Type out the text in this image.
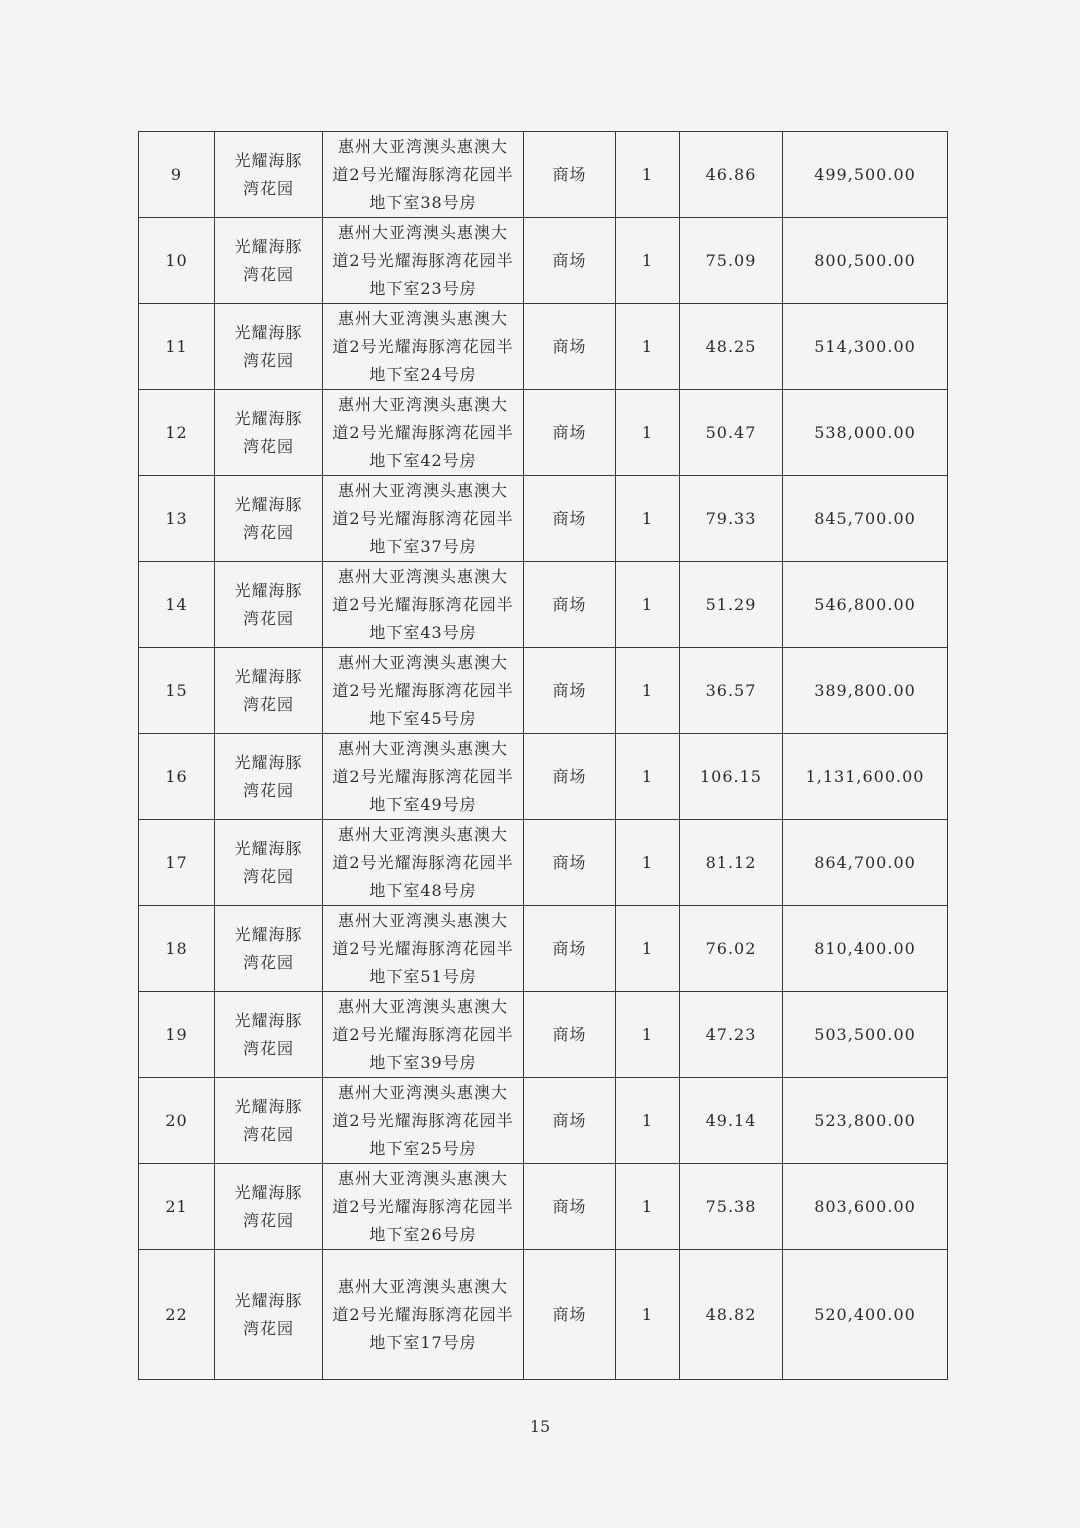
9	光耀海豚湾花园	惠州大亚湾澳头惠澳大道2号光耀海豚湾花园半地下室38号房	商场	1	46.86	499,500.00
10	光耀海豚湾花园	惠州大亚湾澳头惠澳大道2号光耀海豚湾花园半地下室23号房	商场	1	75.09	800,500.00
11	光耀海豚湾花园	惠州大亚湾澳头惠澳大道2号光耀海豚湾花园半地下室24号房	商场	1	48.25	514,300.00
12	光耀海豚湾花园	惠州大亚湾澳头惠澳大道2号光耀海豚湾花园半地下室42号房	商场	1	50.47	538,000.00
13	光耀海豚湾花园	惠州大亚湾澳头惠澳大道2号光耀海豚湾花园半地下室37号房	商场	1	79.33	845,700.00
14	光耀海豚湾花园	惠州大亚湾澳头惠澳大道2号光耀海豚湾花园半地下室43号房	商场	1	51.29	546,800.00
15	光耀海豚湾花园	惠州大亚湾澳头惠澳大道2号光耀海豚湾花园半地下室45号房	商场	1	36.57	389,800.00
16	光耀海豚湾花园	惠州大亚湾澳头惠澳大道2号光耀海豚湾花园半地下室49号房	商场	1	106.15	1,131,600.00
17	光耀海豚湾花园	惠州大亚湾澳头惠澳大道2号光耀海豚湾花园半地下室48号房	商场	1	81.12	864,700.00
18	光耀海豚湾花园	惠州大亚湾澳头惠澳大道2号光耀海豚湾花园半地下室51号房	商场	1	76.02	810,400.00
19	光耀海豚湾花园	惠州大亚湾澳头惠澳大道2号光耀海豚湾花园半地下室39号房	商场	1	47.23	503,500.00
20	光耀海豚湾花园	惠州大亚湾澳头惠澳大道2号光耀海豚湾花园半地下室25号房	商场	1	49.14	523,800.00
21	光耀海豚湾花园	惠州大亚湾澳头惠澳大道2号光耀海豚湾花园半地下室26号房	商场	1	75.38	803,600.00
22	光耀海豚湾花园	惠州大亚湾澳头惠澳大道2号光耀海豚湾花园半地下室17号房	商场	1	48.82	520,400.00
15
